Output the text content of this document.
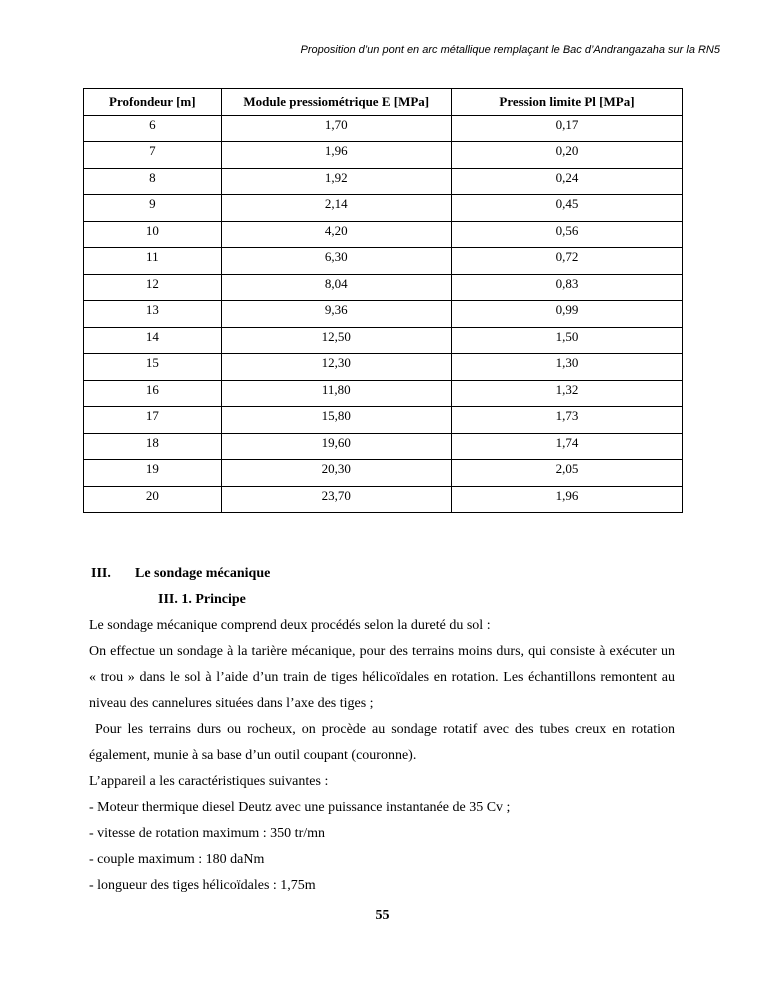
Proposition d’un pont en arc métallique remplaçant le Bac d’Andrangazaha sur la RN5
Profondeur [m]	Module pressiométrique E [MPa]	Pression limite Pl [MPa]
6	1,70	0,17
7	1,96	0,20
8	1,92	0,24
9	2,14	0,45
10	4,20	0,56
11	6,30	0,72
12	8,04	0,83
13	9,36	0,99
14	12,50	1,50
15	12,30	1,30
16	11,80	1,32
17	15,80	1,73
18	19,60	1,74
19	20,30	2,05
20	23,70	1,96
III. Le sondage mécanique
III. 1. Principe

Le sondage mécanique comprend deux procédés selon la dureté du sol :

On effectue un sondage à la tarière mécanique, pour des terrains moins durs, qui consiste à exécuter un « trou » dans le sol à l’aide d’un train de tiges hélicoïdales en rotation. Les échantillons remontent au niveau des cannelures situées dans l’axe des tiges ;

Pour les terrains durs ou rocheux, on procède au sondage rotatif avec des tubes creux en rotation également, munie à sa base d’un outil coupant (couronne).

L’appareil a les caractéristiques suivantes :

- Moteur thermique diesel Deutz avec une puissance instantanée de 35 Cv ;

- vitesse de rotation maximum : 350 tr/mn

- couple maximum : 180 daNm

- longueur des tiges hélicoïdales : 1,75m

55
